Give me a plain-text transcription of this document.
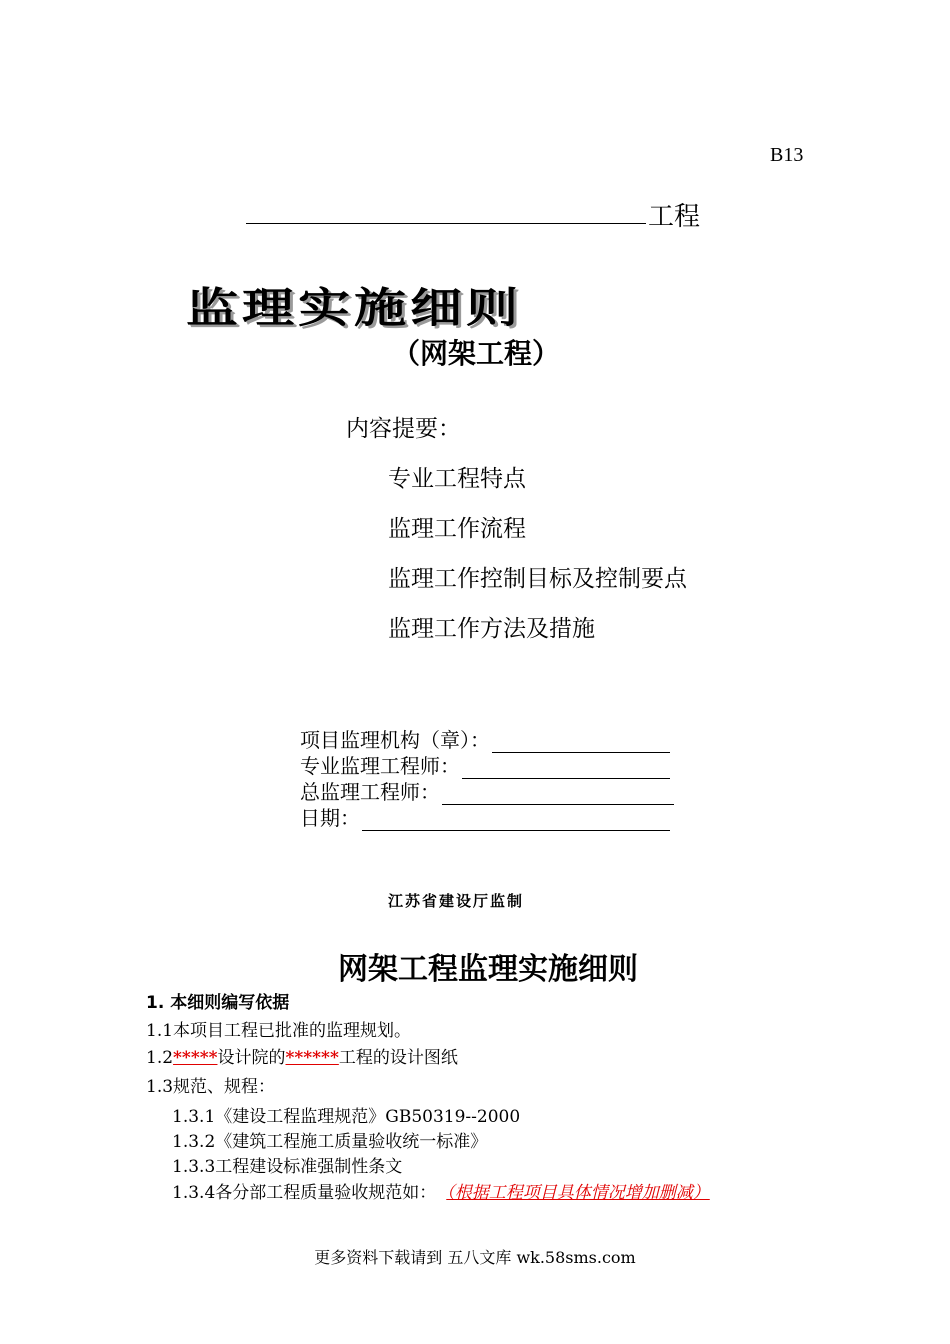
B13
工程
监理实施细则
（网架工程）
内容提要：
专业工程特点
监理工作流程
监理工作控制目标及控制要点
监理工作方法及措施
项目监理机构（章）：
专业监理工程师：
总监理工程师：
日期：
江苏省建设厅监制
网架工程监理实施细则
1. 本细则编写依据
1.1本项目工程已批准的监理规划。
1.2*****设计院的******工程的设计图纸
1.3规范、规程：
1.3.1《建设工程监理规范》GB50319--2000
1.3.2《建筑工程施工质量验收统一标准》
1.3.3工程建设标准强制性条文
1.3.4各分部工程质量验收规范如： （根据工程项目具体情况增加删减）
更多资料下载请到 五八文库 wk.58sms.com
